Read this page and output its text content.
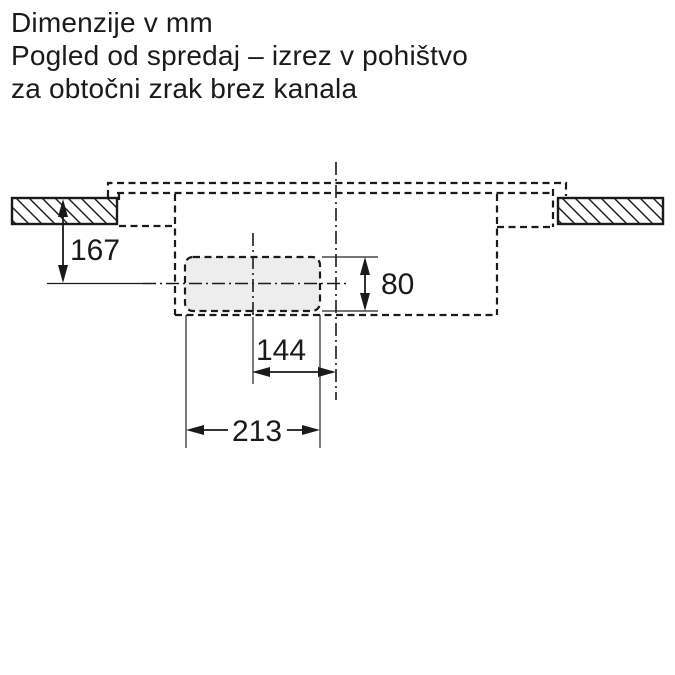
Dimenzije v mm
Pogled od spredaj – izrez v pohištvo
za obtočni zrak brez kanala
167
80
144
213
